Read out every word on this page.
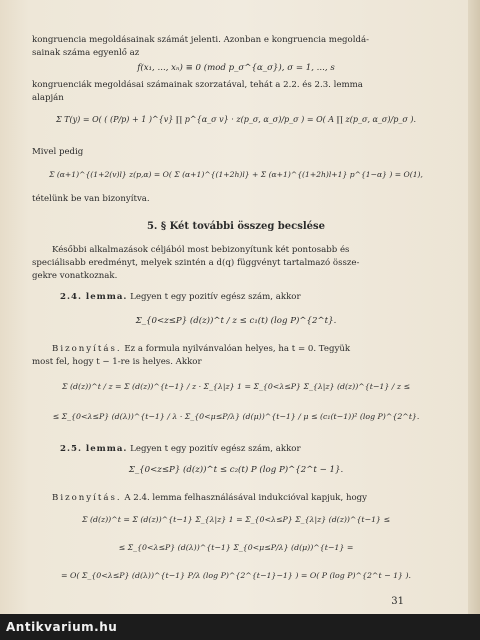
kongruencia megoldásainak számát jelenti. Azonban e kongruencia megoldá-
sainak száma egyenlő az
f(x₁, ..., xₙ) ≡ 0 (mod p_σ^{α_σ}), σ = 1, ..., s
kongruenciák megoldásai számainak szorzatával, tehát a 2.2. és 2.3. lemma
alapján
Σ T(y) = O( ( (P/p) + 1 )^{v} ∏ p^{α_σ v} · z(p_σ, α_σ)/p_σ ) = O( A ∏ z(p_σ, α_σ)/p_σ ).
Mivel pedig
Σ (α+1)^{(1+2(v)l} z(p,α) = O( Σ (α+1)^{(1+2h)l} + Σ (α+1)^{(1+2h)l+1} p^{1−α} ) = O(1),
tételünk be van bizonyítva.
5. § Két további összeg becslése
Későbbi alkalmazások céljából most bebizonyítunk két pontosabb és
speciálisabb eredményt, melyek szintén a d(q) függvényt tartalmazó össze-
gekre vonatkoznak.
2.4. lemma. Legyen t egy pozitív egész szám, akkor
Σ_{0<z≤P} (d(z))^t / z ≤ c₁(t) (log P)^{2^t}.
Bizonyítás. Ez a formula nyilvánvalóan helyes, ha t = 0. Tegyük
most fel, hogy t − 1-re is helyes. Akkor
Σ (d(z))^t / z = Σ (d(z))^{t−1} / z · Σ_{λ|z} 1 = Σ_{0<λ≤P} Σ_{λ|z} (d(z))^{t−1} / z ≤
≤ Σ_{0<λ≤P} (d(λ))^{t−1} / λ · Σ_{0<μ≤P/λ} (d(μ))^{t−1} / μ ≤ (c₁(t−1))² (log P)^{2^t}.
2.5. lemma. Legyen t egy pozitív egész szám, akkor
Σ_{0<z≤P} (d(z))^t ≤ c₂(t) P (log P)^{2^t − 1}.
Bizonyítás. A 2.4. lemma felhasználásával indukcióval kapjuk, hogy
Σ (d(z))^t = Σ (d(z))^{t−1} Σ_{λ|z} 1 = Σ_{0<λ≤P} Σ_{λ|z} (d(z))^{t−1} ≤
≤ Σ_{0<λ≤P} (d(λ))^{t−1} Σ_{0<μ≤P/λ} (d(μ))^{t−1} =
= O( Σ_{0<λ≤P} (d(λ))^{t−1} P/λ (log P)^{2^{t−1}−1} ) = O( P (log P)^{2^t − 1} ).
31
Antikvarium.hu
